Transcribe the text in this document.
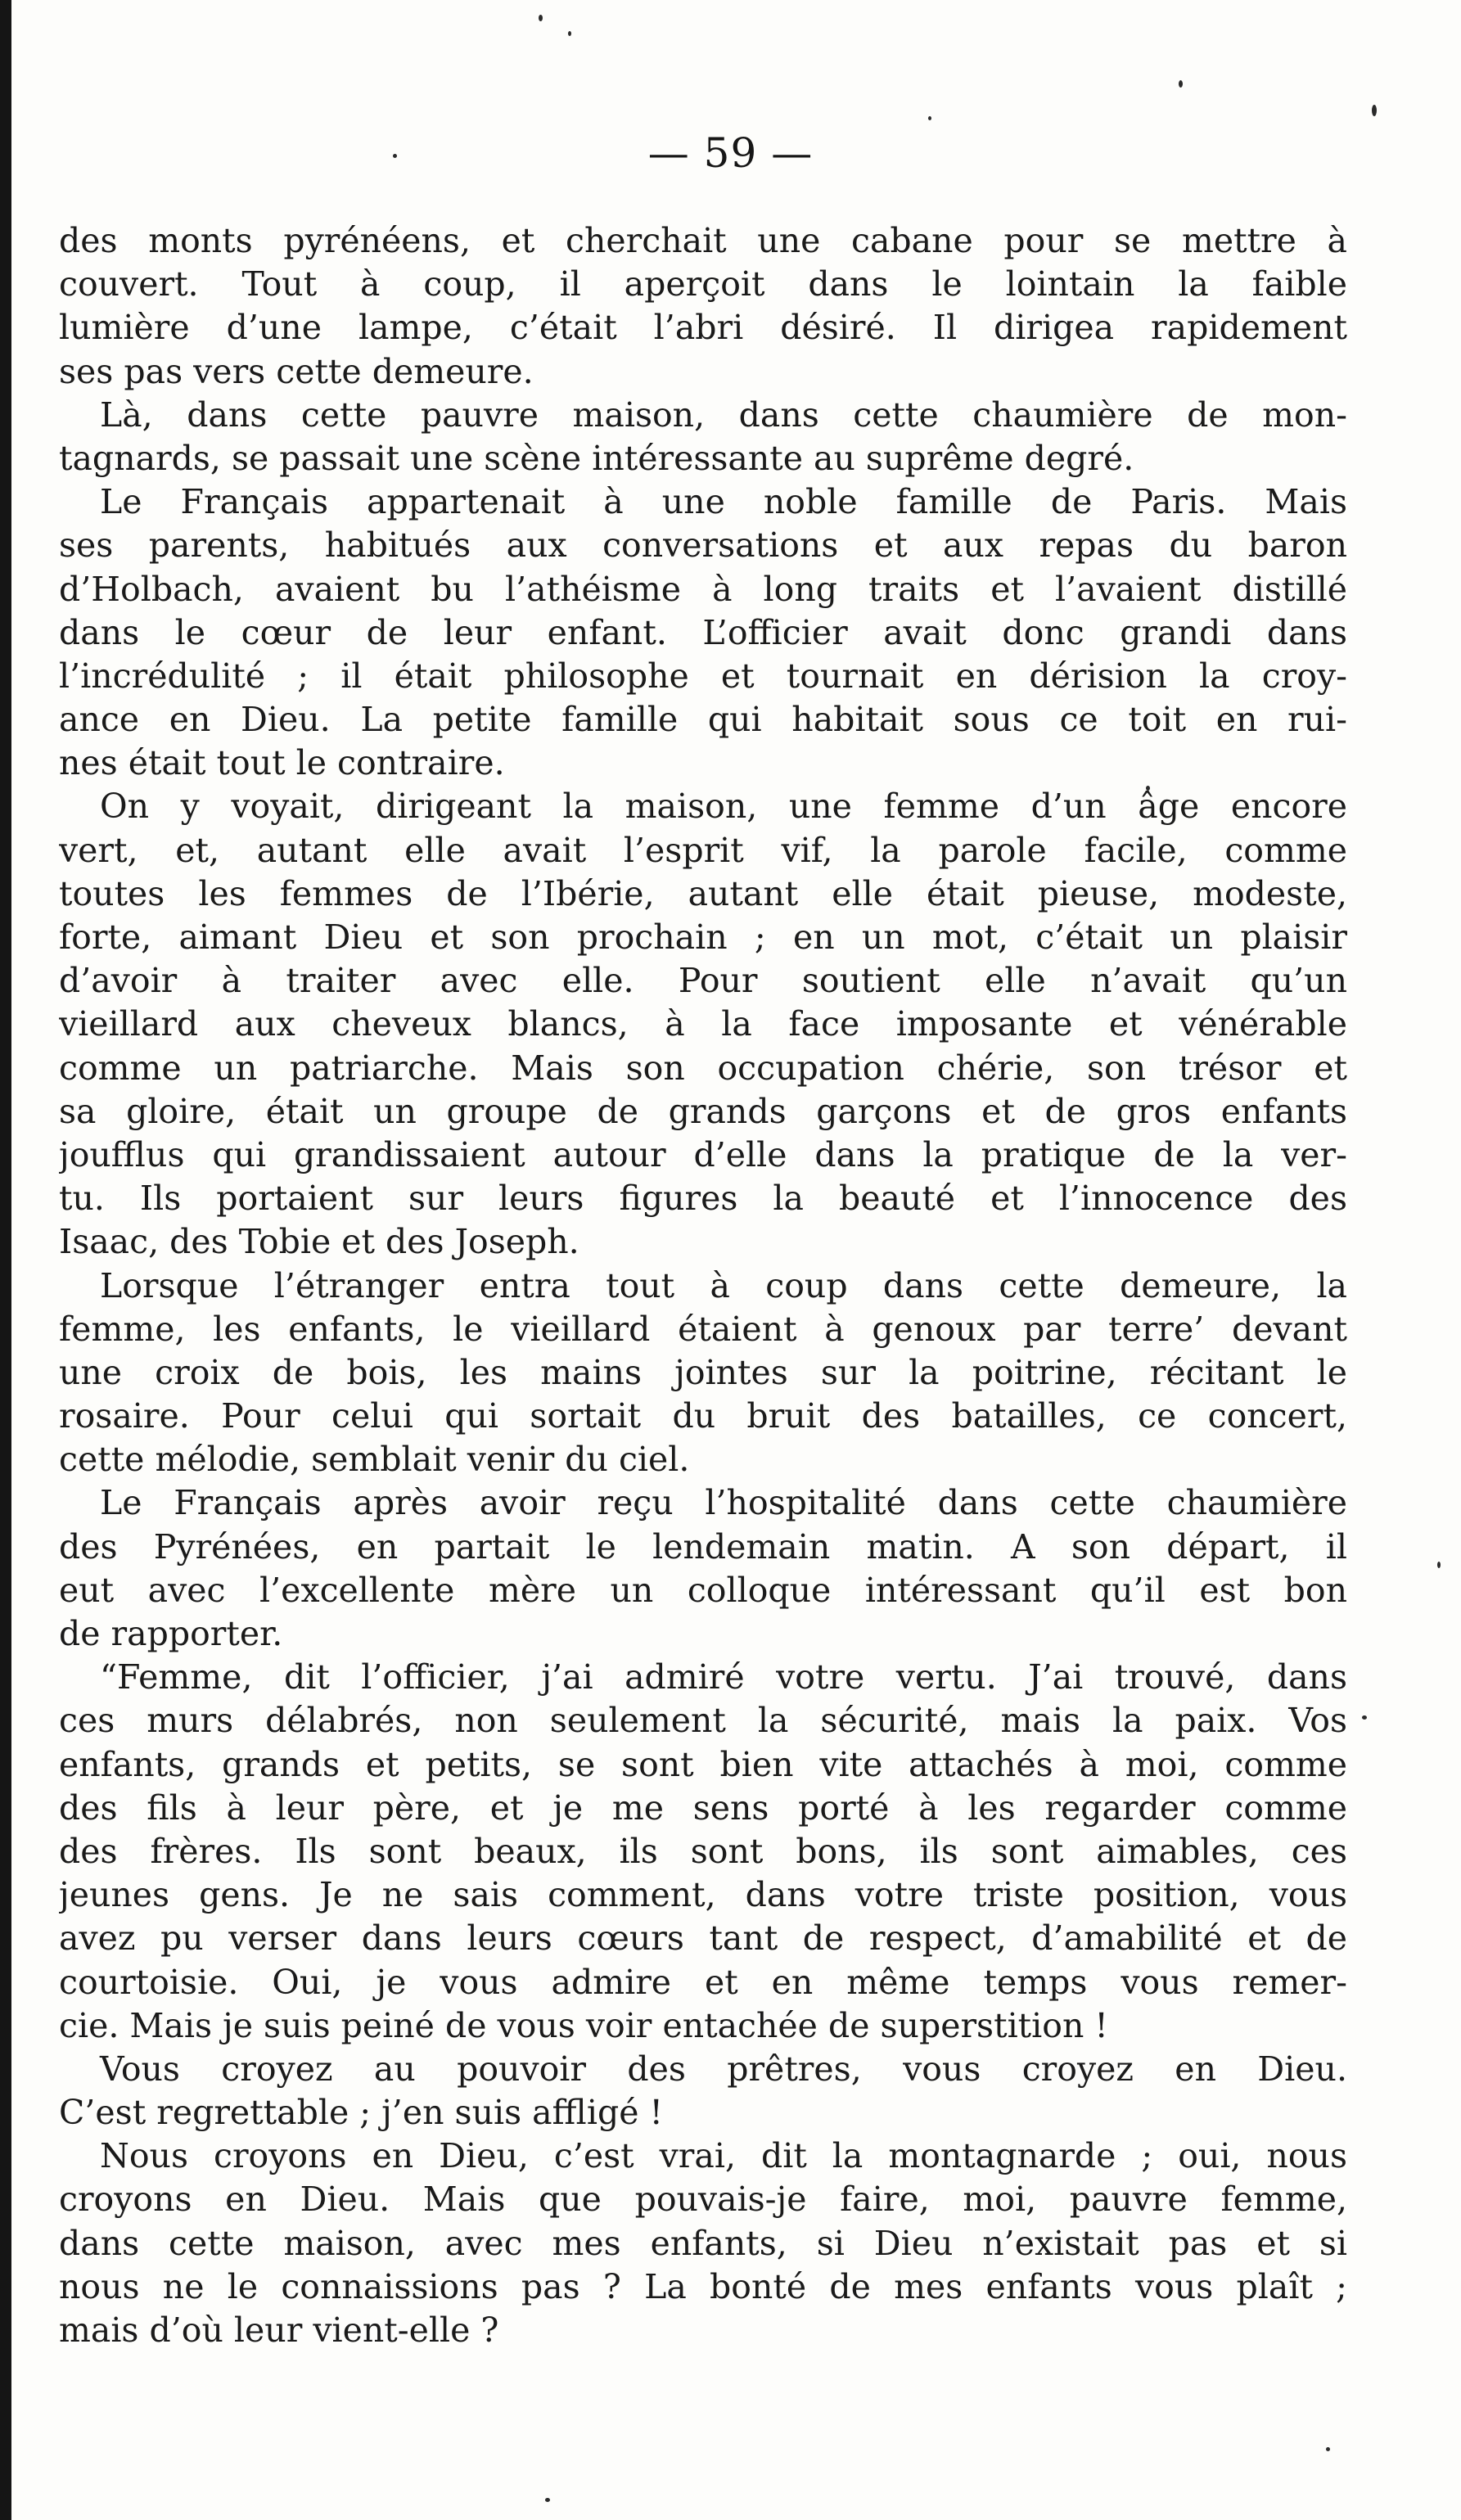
— 59 —
des monts pyrénéens, et cherchait une cabane pour se mettre à
couvert. Tout à coup, il aperçoit dans le lointain la faible
lumière d’une lampe, c’était l’abri désiré. Il dirigea rapidement
ses pas vers cette demeure.
Là, dans cette pauvre maison, dans cette chaumière de mon-
tagnards, se passait une scène intéressante au suprême degré.
Le Français appartenait à une noble famille de Paris. Mais
ses parents, habitués aux conversations et aux repas du baron
d’Holbach, avaient bu l’athéisme à long traits et l’avaient distillé
dans le cœur de leur enfant. L’officier avait donc grandi dans
l’incrédulité ; il était philosophe et tournait en dérision la croy-
ance en Dieu. La petite famille qui habitait sous ce toit en rui-
nes était tout le contraire.
On y voyait, dirigeant la maison, une femme d’un âge encore
vert, et, autant elle avait l’esprit vif, la parole facile, comme
toutes les femmes de l’Ibérie, autant elle était pieuse, modeste,
forte, aimant Dieu et son prochain ; en un mot, c’était un plaisir
d’avoir à traiter avec elle. Pour soutient elle n’avait qu’un
vieillard aux cheveux blancs, à la face imposante et vénérable
comme un patriarche. Mais son occupation chérie, son trésor et
sa gloire, était un groupe de grands garçons et de gros enfants
joufflus qui grandissaient autour d’elle dans la pratique de la ver-
tu. Ils portaient sur leurs figures la beauté et l’innocence des
Isaac, des Tobie et des Joseph.
Lorsque l’étranger entra tout à coup dans cette demeure, la
femme, les enfants, le vieillard étaient à genoux par terre’ devant
une croix de bois, les mains jointes sur la poitrine, récitant le
rosaire. Pour celui qui sortait du bruit des batailles, ce concert,
cette mélodie, semblait venir du ciel.
Le Français après avoir reçu l’hospitalité dans cette chaumière
des Pyrénées, en partait le lendemain matin. A son départ, il
eut avec l’excellente mère un colloque intéressant qu’il est bon
de rapporter.
“Femme, dit l’officier, j’ai admiré votre vertu. J’ai trouvé, dans
ces murs délabrés, non seulement la sécurité, mais la paix. Vos
enfants, grands et petits, se sont bien vite attachés à moi, comme
des fils à leur père, et je me sens porté à les regarder comme
des frères. Ils sont beaux, ils sont bons, ils sont aimables, ces
jeunes gens. Je ne sais comment, dans votre triste position, vous
avez pu verser dans leurs cœurs tant de respect, d’amabilité et de
courtoisie. Oui, je vous admire et en même temps vous remer-
cie. Mais je suis peiné de vous voir entachée de superstition !
Vous croyez au pouvoir des prêtres, vous croyez en Dieu.
C’est regrettable ; j’en suis affligé !
Nous croyons en Dieu, c’est vrai, dit la montagnarde ; oui, nous
croyons en Dieu. Mais que pouvais-je faire, moi, pauvre femme,
dans cette maison, avec mes enfants, si Dieu n’existait pas et si
nous ne le connaissions pas ? La bonté de mes enfants vous plaît ;
mais d’où leur vient-elle ?
